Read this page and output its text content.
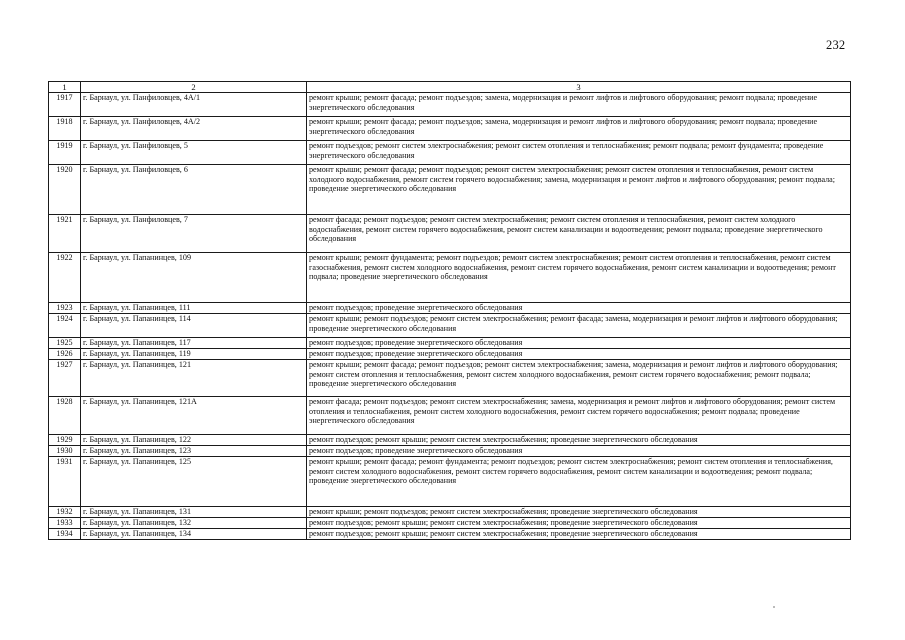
232
1	2	3
1917	г. Барнаул, ул. Панфиловцев, 4А/1	ремонт крыши; ремонт фасада; ремонт подъездов; замена, модернизация и ремонт лифтов и лифтового оборудования; ремонт подвала; проведение энергетического обследования
1918	г. Барнаул, ул. Панфиловцев, 4А/2	ремонт крыши; ремонт фасада; ремонт подъездов; замена, модернизация и ремонт лифтов и лифтового оборудования; ремонт подвала; проведение энергетического обследования
1919	г. Барнаул, ул. Панфиловцев, 5	ремонт подъездов; ремонт систем электроснабжения; ремонт систем отопления и теплоснабжения; ремонт подвала; ремонт фундамента; проведение энергетического обследования
1920	г. Барнаул, ул. Панфиловцев, 6	ремонт крыши; ремонт фасада; ремонт подъездов; ремонт систем электроснабжения; ремонт систем отопления и теплоснабжения, ремонт систем холодного водоснабжения, ремонт систем горячего водоснабжения; замена, модернизация и ремонт лифтов и лифтового оборудования; ремонт подвала; проведение энергетического обследования
1921	г. Барнаул, ул. Панфиловцев, 7	ремонт фасада; ремонт подъездов; ремонт систем электроснабжения; ремонт систем отопления и теплоснабжения, ремонт систем холодного водоснабжения, ремонт систем горячего водоснабжения, ремонт систем канализации и водоотведения; ремонт подвала; проведение энергетического обследования
1922	г. Барнаул, ул. Папанинцев, 109	ремонт крыши; ремонт фундамента; ремонт подъездов; ремонт систем электроснабжения; ремонт систем отопления и теплоснабжения, ремонт систем газоснабжения, ремонт систем холодного водоснабжения, ремонт систем горячего водоснабжения, ремонт систем канализации и водоотведения; ремонт подвала; проведение энергетического обследования
1923	г. Барнаул, ул. Папанинцев, 111	ремонт подъездов; проведение энергетического обследования
1924	г. Барнаул, ул. Папанинцев, 114	ремонт крыши; ремонт подъездов; ремонт систем электроснабжения; ремонт фасада; замена, модернизация и ремонт лифтов и лифтового оборудования; проведение энергетического обследования
1925	г. Барнаул, ул. Папанинцев, 117	ремонт подъездов; проведение энергетического обследования
1926	г. Барнаул, ул. Папанинцев, 119	ремонт подъездов; проведение энергетического обследования
1927	г. Барнаул, ул. Папанинцев, 121	ремонт крыши; ремонт фасада; ремонт подъездов; ремонт систем электроснабжения; замена, модернизация и ремонт лифтов и лифтового оборудования; ремонт систем отопления и теплоснабжения, ремонт систем холодного водоснабжения, ремонт систем горячего водоснабжения; ремонт подвала; проведение энергетического обследования
1928	г. Барнаул, ул. Папанинцев, 121А	ремонт фасада; ремонт подъездов; ремонт систем электроснабжения; замена, модернизация и ремонт лифтов и лифтового оборудования; ремонт систем отопления и теплоснабжения, ремонт систем холодного водоснабжения, ремонт систем горячего водоснабжения; ремонт подвала; проведение энергетического обследования
1929	г. Барнаул, ул. Папанинцев, 122	ремонт подъездов; ремонт крыши; ремонт систем электроснабжения; проведение энергетического обследования
1930	г. Барнаул, ул. Папанинцев, 123	ремонт подъездов; проведение энергетического обследования
1931	г. Барнаул, ул. Папанинцев, 125	ремонт крыши; ремонт фасада; ремонт фундамента; ремонт подъездов; ремонт систем электроснабжения; ремонт систем отопления и теплоснабжения, ремонт систем холодного водоснабжения, ремонт систем горячего водоснабжения, ремонт систем канализации и водоотведения; ремонт подвала; проведение энергетического обследования
1932	г. Барнаул, ул. Папанинцев, 131	ремонт крыши; ремонт подъездов; ремонт систем электроснабжения; проведение энергетического обследования
1933	г. Барнаул, ул. Папанинцев, 132	ремонт подъездов; ремонт крыши; ремонт систем электроснабжения; проведение энергетического обследования
1934	г. Барнаул, ул. Папанинцев, 134	ремонт подъездов; ремонт крыши; ремонт систем электроснабжения; проведение энергетического обследования
